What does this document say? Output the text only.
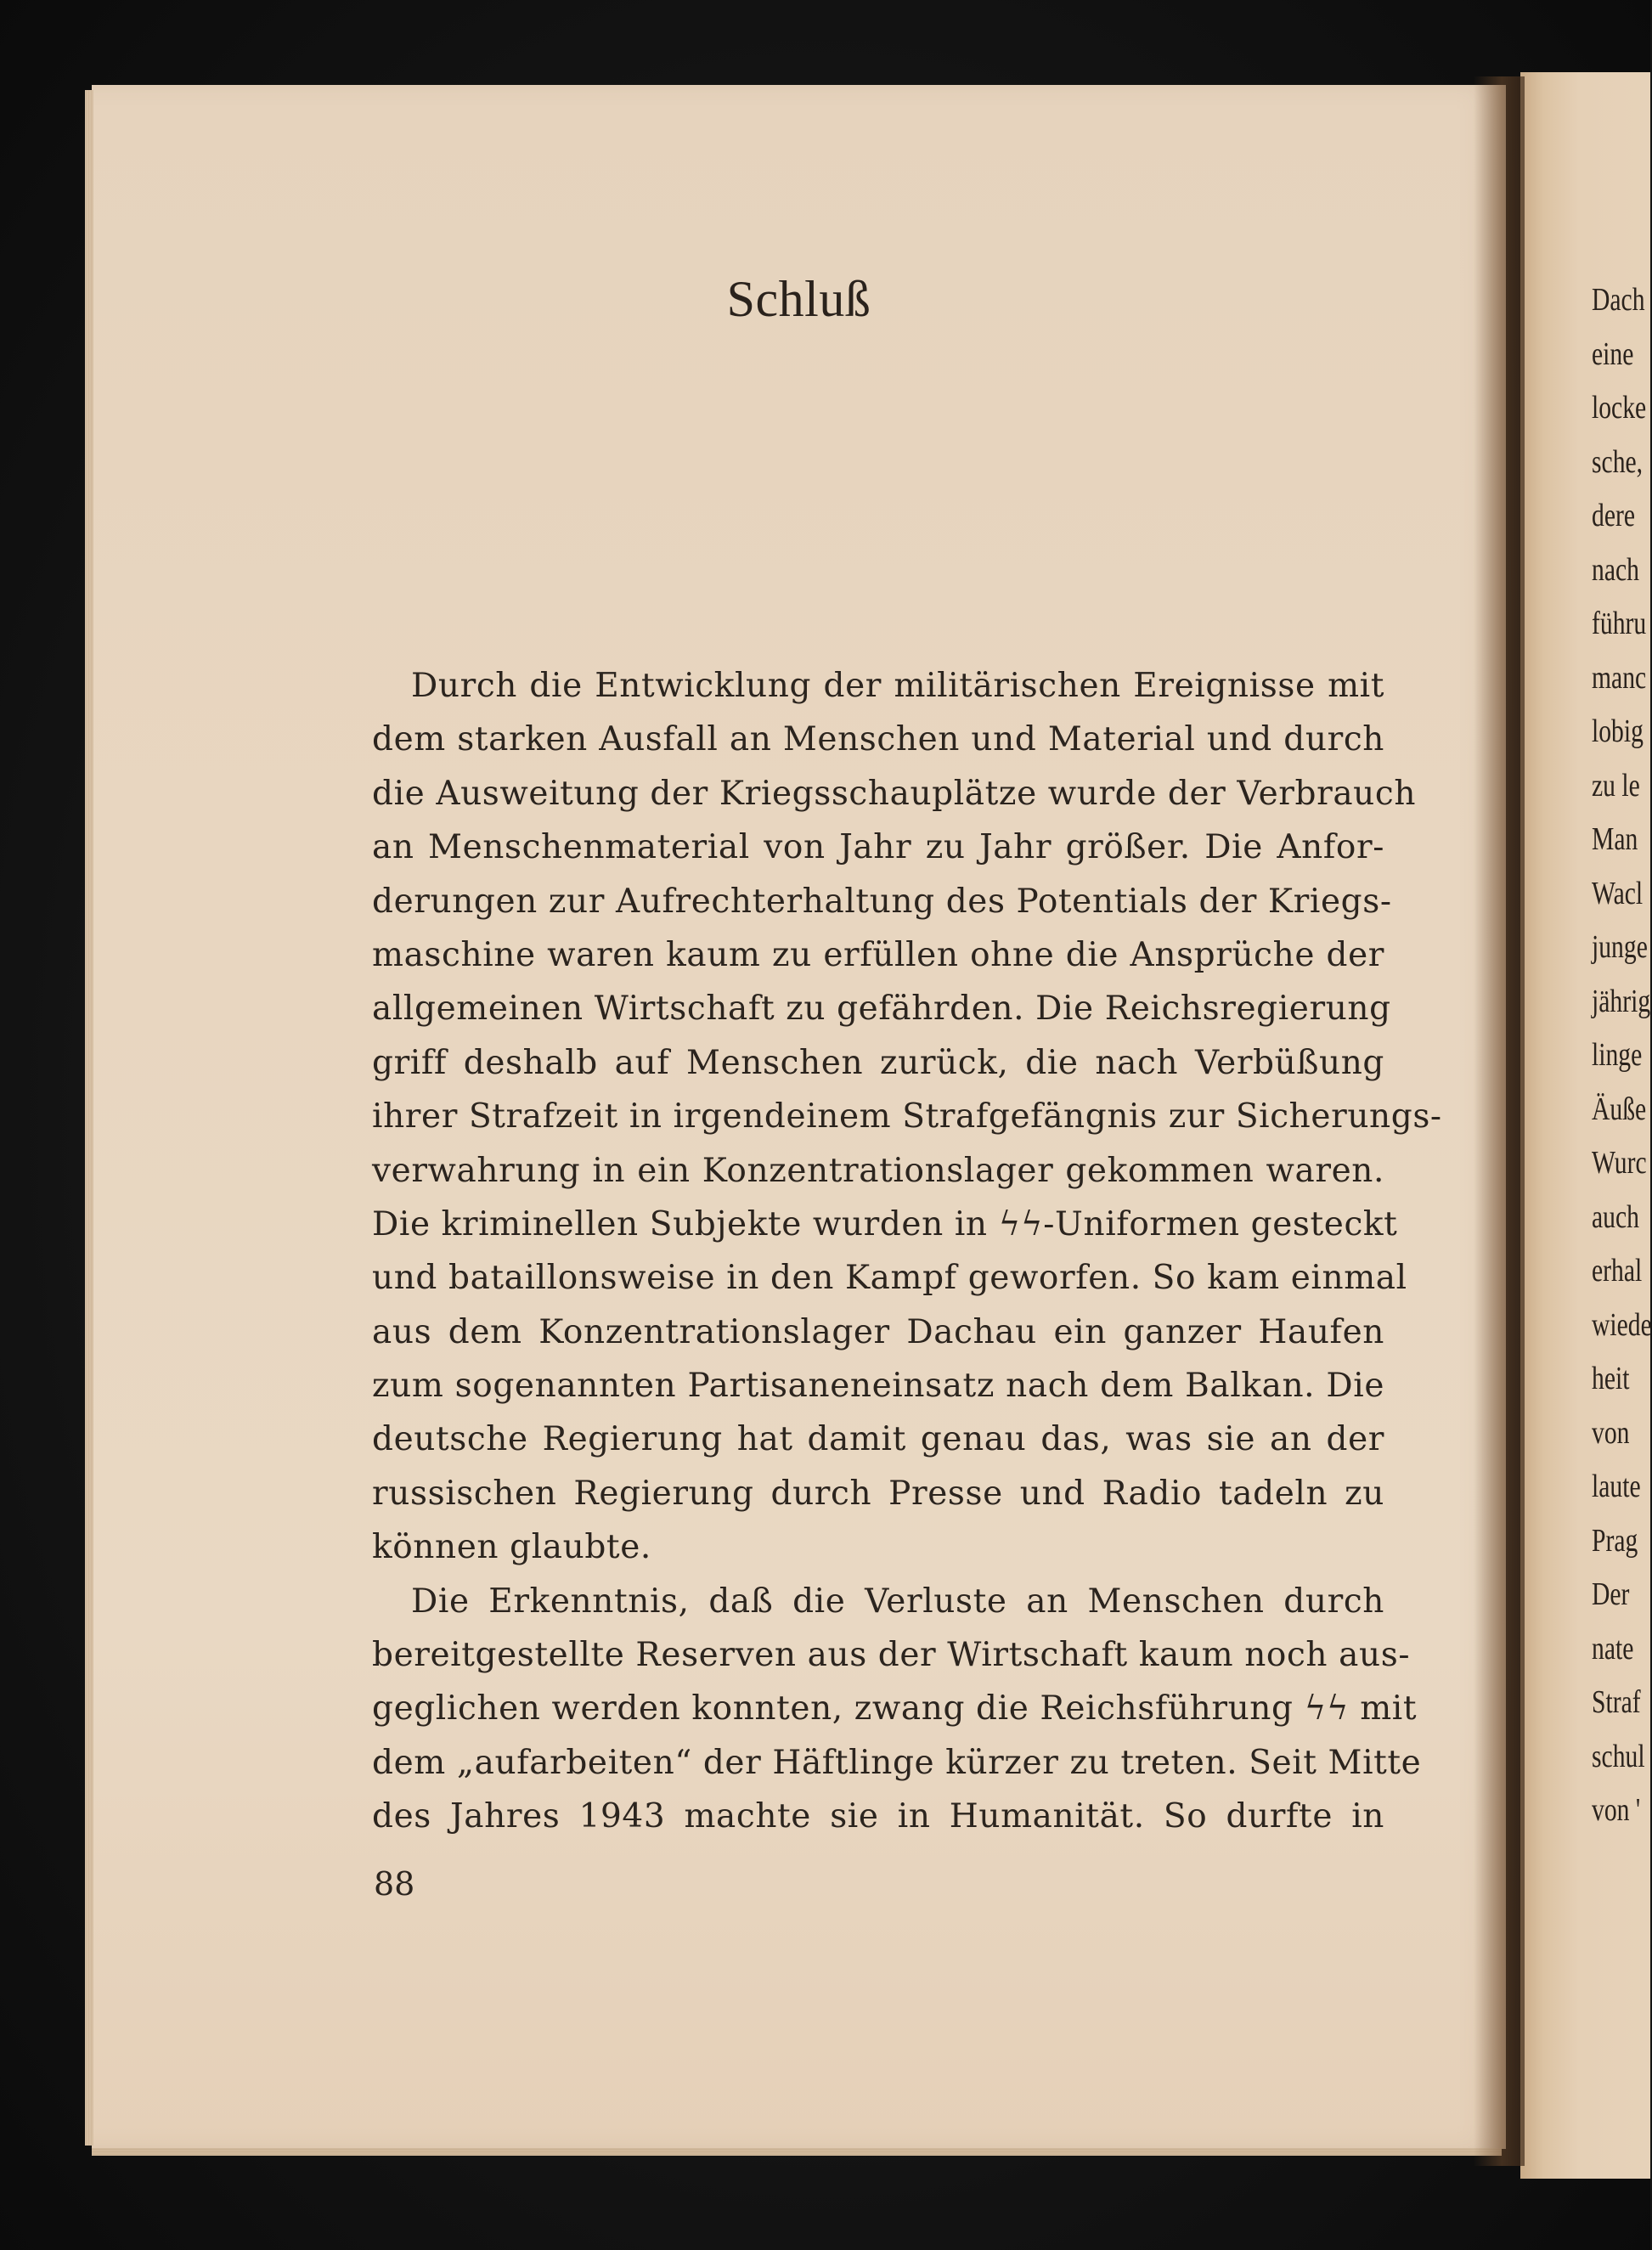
Schluß
Durch die Entwicklung der militärischen Ereignisse mit
dem starken Ausfall an Menschen und Material und durch
die Ausweitung der Kriegsschauplätze wurde der Verbrauch
an Menschenmaterial von Jahr zu Jahr größer. Die Anfor-
derungen zur Aufrechterhaltung des Potentials der Kriegs-
maschine waren kaum zu erfüllen ohne die Ansprüche der
allgemeinen Wirtschaft zu gefährden. Die Reichsregierung
griff deshalb auf Menschen zurück, die nach Verbüßung
ihrer Strafzeit in irgendeinem Strafgefängnis zur Sicherungs-
verwahrung in ein Konzentrationslager gekommen waren.
Die kriminellen Subjekte wurden in ϟϟ-Uniformen gesteckt
und bataillonsweise in den Kampf geworfen. So kam einmal
aus dem Konzentrationslager Dachau ein ganzer Haufen
zum sogenannten Partisaneneinsatz nach dem Balkan. Die
deutsche Regierung hat damit genau das, was sie an der
russischen Regierung durch Presse und Radio tadeln zu
können glaubte.
Die Erkenntnis, daß die Verluste an Menschen durch
bereitgestellte Reserven aus der Wirtschaft kaum noch aus-
geglichen werden konnten, zwang die Reichsführung ϟϟ mit
dem „aufarbeiten“ der Häftlinge kürzer zu treten. Seit Mitte
des Jahres 1943 machte sie in Humanität. So durfte in
88
Dach
eine
locke
sche,
dere
nach
führu
manc
lobig
zu le
Man
Wacl
junge
jährig
linge
Äuße
Wurc
auch
erhal
wiede
heit
von
laute
Prag
Der
nate
Straf
schul
von '
